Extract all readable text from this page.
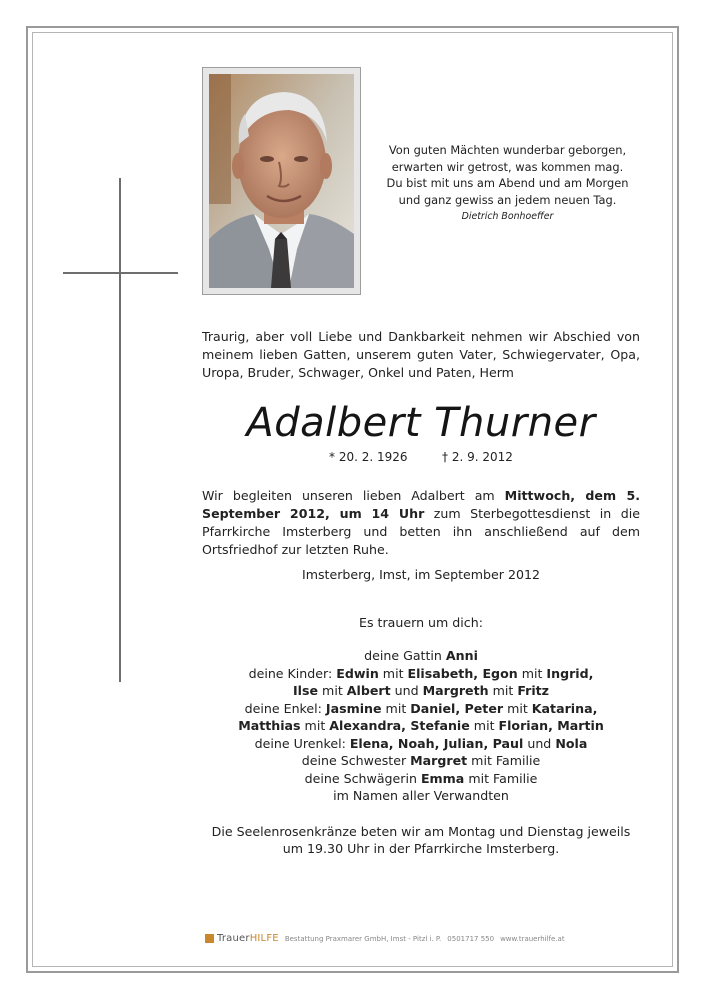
Von guten Mächten wunderbar geborgen,
erwarten wir getrost, was kommen mag.
Du bist mit uns am Abend und am Morgen
und ganz gewiss an jedem neuen Tag.
Dietrich Bonhoeffer
Traurig, aber voll Liebe und Dankbarkeit nehmen wir Abschied von meinem lieben Gatten, unserem guten Vater, Schwiegervater, Opa, Uropa, Bruder, Schwager, Onkel und Paten, Herm
Adalbert Thurner
* 20. 2. 1926	† 2. 9. 2012
Wir begleiten unseren lieben Adalbert am Mittwoch, dem 5. September 2012, um 14 Uhr zum Sterbegottesdienst in die Pfarrkirche Imsterberg und betten ihn anschließend auf dem Ortsfriedhof zur letzten Ruhe.
Imsterberg, Imst, im September 2012
Es trauern um dich:
deine Gattin Anni
deine Kinder: Edwin mit Elisabeth, Egon mit Ingrid,
Ilse mit Albert und Margreth mit Fritz
deine Enkel: Jasmine mit Daniel, Peter mit Katarina,
Matthias mit Alexandra, Stefanie mit Florian, Martin
deine Urenkel: Elena, Noah, Julian, Paul und Nola
deine Schwester Margret mit Familie
deine Schwägerin Emma mit Familie
im Namen aller Verwandten
Die Seelenrosenkränze beten wir am Montag und Dienstag jeweils
um 19.30 Uhr in der Pfarrkirche Imsterberg.
TrauerHILFE Bestattung Praxmarer GmbH, Imst - Pitzl i. P. 0501717 550 www.trauerhilfe.at
